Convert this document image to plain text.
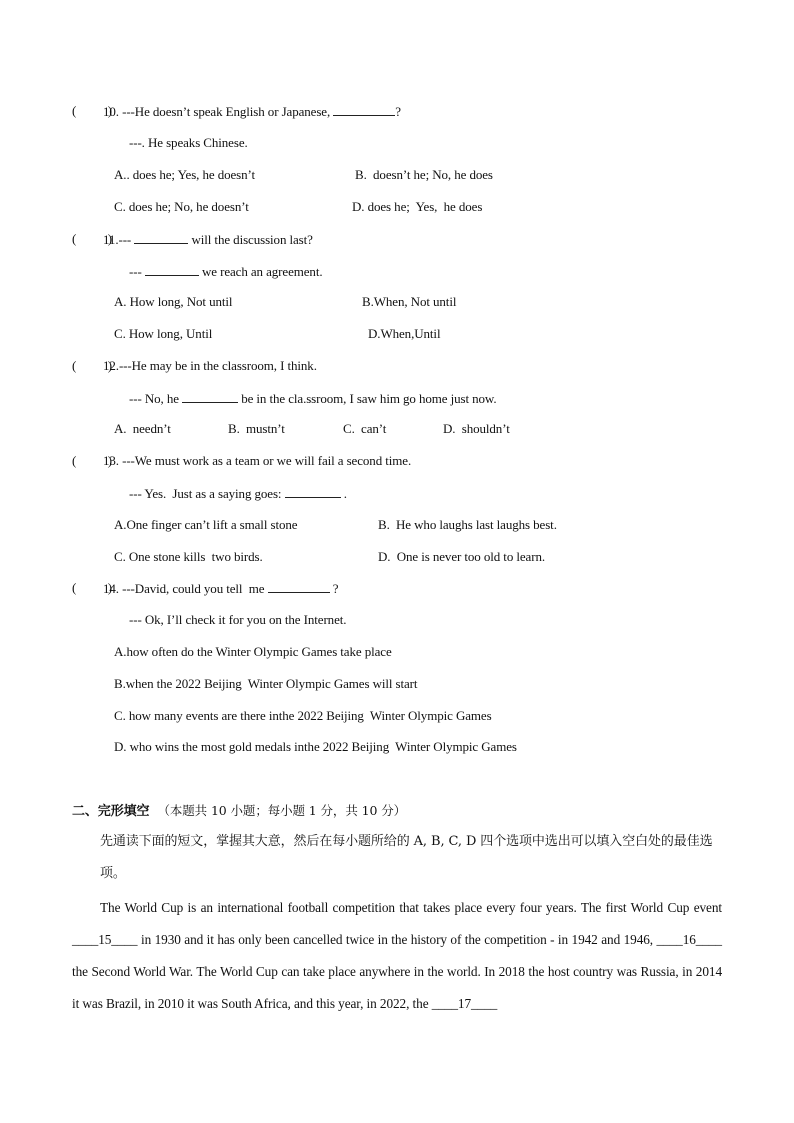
(          )
10. ---He doesn’t speak English or Japanese,	?
---. He speaks Chinese.
A.. does he; Yes, he doesn’t	B.  doesn’t he; No, he does
C. does he; No, he doesn’t	D. does he;  Yes,  he does
(          )
11.---	will the discussion last?
---	we reach an agreement.
A. How long, Not until	B.When, Not until
C. How long, Until	D.When,Until
(          )
12.---He may be in the classroom, I think.
--- No, he	be in the cla.ssroom, I saw him go home just now.
A.  needn’t	B.  mustn’t	C.  can’t	D.  shouldn’t
(          )
13. ---We must work as a team or we will fail a second time.
--- Yes.  Just as a saying goes:	.
A.One finger can’t lift a small stone	B.  He who laughs last laughs best.
C. One stone kills  two birds.	D.  One is never too old to learn.
(          )
14. ---David, could you tell  me	?
--- Ok, I’ll check it for you on the Internet.
A.how often do the Winter Olympic Games take place
B.when the 2022 Beijing  Winter Olympic Games will start
C. how many events are there inthe 2022 Beijing  Winter Olympic Games
D. who wins the most gold medals inthe 2022 Beijing  Winter Olympic Games
二、完形填空 （本题共 10 小题；每小题 1 分，共 10 分）
先通读下面的短文，掌握其大意，然后在每小题所给的 A, B, C, D 四个选项中选出可以填入空白处的最佳选项。
The World Cup is an international football competition that takes place every four years. The first World Cup event ____15____ in 1930 and it has only been cancelled twice in the history of the competition - in 1942 and 1946, ____16____ the Second World War. The World Cup can take place anywhere in the world. In 2018 the host country was Russia, in 2014 it was Brazil, in 2010 it was South Africa, and this year, in 2022, the ____17____
